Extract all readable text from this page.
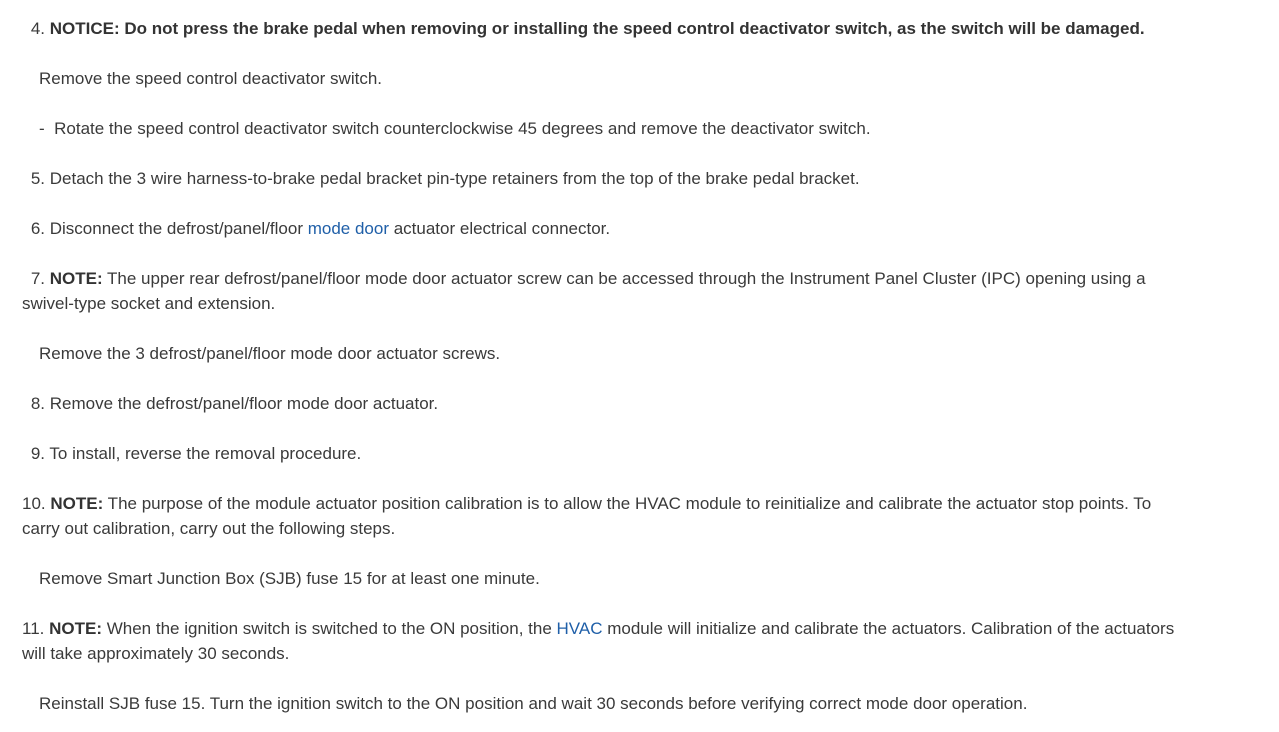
4. NOTICE: Do not press the brake pedal when removing or installing the speed control deactivator switch, as the switch will be damaged.
Remove the speed control deactivator switch.
- Rotate the speed control deactivator switch counterclockwise 45 degrees and remove the deactivator switch.
5. Detach the 3 wire harness-to-brake pedal bracket pin-type retainers from the top of the brake pedal bracket.
6. Disconnect the defrost/panel/floor mode door actuator electrical connector.
7. NOTE: The upper rear defrost/panel/floor mode door actuator screw can be accessed through the Instrument Panel Cluster (IPC) opening using a
swivel-type socket and extension.
Remove the 3 defrost/panel/floor mode door actuator screws.
8. Remove the defrost/panel/floor mode door actuator.
9. To install, reverse the removal procedure.
10. NOTE: The purpose of the module actuator position calibration is to allow the HVAC module to reinitialize and calibrate the actuator stop points. To
carry out calibration, carry out the following steps.
Remove Smart Junction Box (SJB) fuse 15 for at least one minute.
11. NOTE: When the ignition switch is switched to the ON position, the HVAC module will initialize and calibrate the actuators. Calibration of the actuators
will take approximately 30 seconds.
Reinstall SJB fuse 15. Turn the ignition switch to the ON position and wait 30 seconds before verifying correct mode door operation.
